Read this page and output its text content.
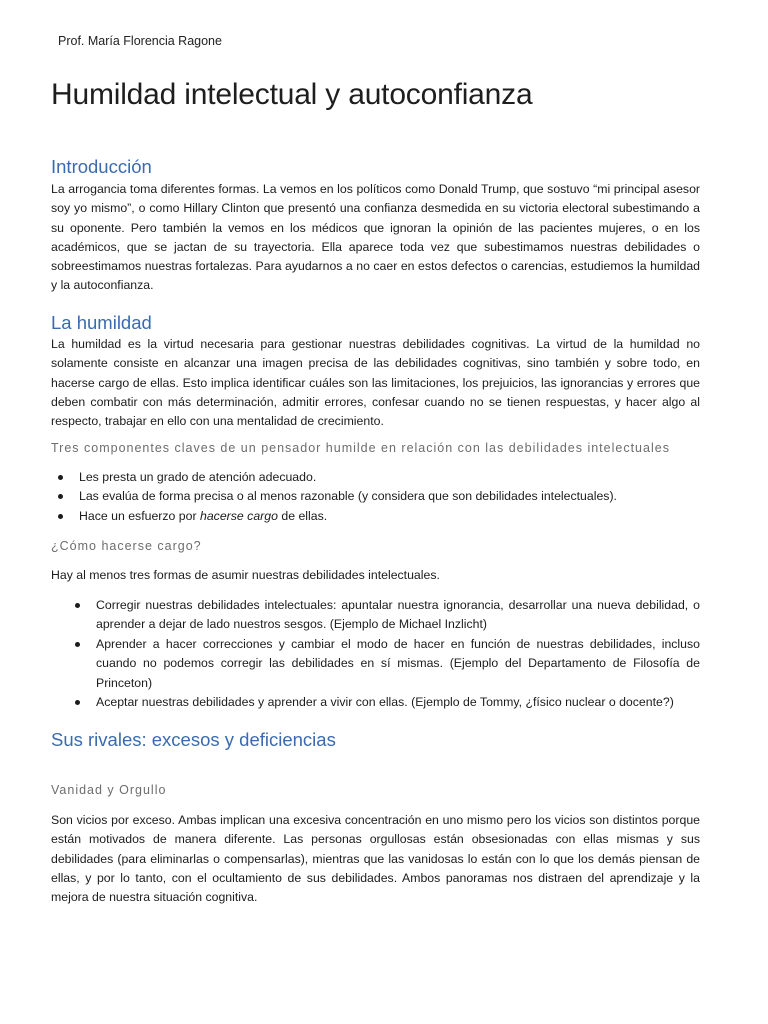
Prof. María Florencia Ragone
Humildad intelectual y autoconfianza
Introducción

La arrogancia toma diferentes formas. La vemos en los políticos como Donald Trump, que sostuvo “mi principal asesor soy yo mismo”, o como Hillary Clinton que presentó una confianza desmedida en su victoria electoral subestimando a su oponente. Pero también la vemos en los médicos que ignoran la opinión de las pacientes mujeres, o en los académicos, que se jactan de su trayectoria. Ella aparece toda vez que subestimamos nuestras debilidades o sobreestimamos nuestras fortalezas. Para ayudarnos a no caer en estos defectos o carencias, estudiemos la humildad y la autoconfianza.

La humildad

La humildad es la virtud necesaria para gestionar nuestras debilidades cognitivas. La virtud de la humildad no solamente consiste en alcanzar una imagen precisa de las debilidades cognitivas, sino también y sobre todo, en hacerse cargo de ellas. Esto implica identificar cuáles son las limitaciones, los prejuicios, las ignorancias y errores que deben combatir con más determinación, admitir errores, confesar cuando no se tienen respuestas, y hacer algo al respecto, trabajar en ello con una mentalidad de crecimiento.

Tres componentes claves de un pensador humilde en relación con las debilidades intelectuales
Les presta un grado de atención adecuado.
Las evalúa de forma precisa o al menos razonable (y considera que son debilidades intelectuales).
Hace un esfuerzo por hacerse cargo de ellas.
¿Cómo hacerse cargo?

Hay al menos tres formas de asumir nuestras debilidades intelectuales.

Corregir nuestras debilidades intelectuales: apuntalar nuestra ignorancia, desarrollar una nueva debilidad, o aprender a dejar de lado nuestros sesgos. (Ejemplo de Michael Inzlicht)
Aprender a hacer correcciones y cambiar el modo de hacer en función de nuestras debilidades, incluso cuando no podemos corregir las debilidades en sí mismas. (Ejemplo del Departamento de Filosofía de Princeton)
Aceptar nuestras debilidades y aprender a vivir con ellas. (Ejemplo de Tommy, ¿físico nuclear o docente?)
Sus rivales: excesos y deficiencias
Vanidad y Orgullo

Son vicios por exceso. Ambas implican una excesiva concentración en uno mismo pero los vicios son distintos porque están motivados de manera diferente. Las personas orgullosas están obsesionadas con ellas mismas y sus debilidades (para eliminarlas o compensarlas), mientras que las vanidosas lo están con lo que los demás piensan de ellas, y por lo tanto, con el ocultamiento de sus debilidades. Ambos panoramas nos distraen del aprendizaje y la mejora de nuestra situación cognitiva.
